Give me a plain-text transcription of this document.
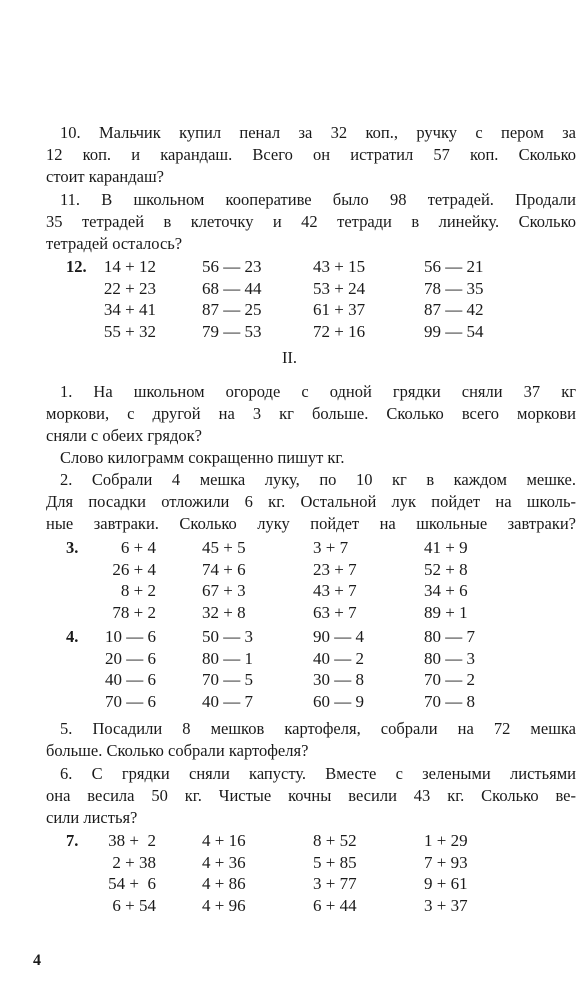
10. Мальчик купил пенал за 32 коп., ручку с пером за
12 коп. и карандаш. Всего он истратил 57 коп. Сколько
стоит карандаш?
11. В школьном кооперативе было 98 тетрадей. Продали
35 тетрадей в клеточку и 42 тетради в линейку. Сколько
тетрадей осталось?
12.	14 + 12	56 — 23	43 + 15	56 — 21
22 + 23	68 — 44	53 + 24	78 — 35
34 + 41	87 — 25	61 + 37	87 — 42
55 + 32	79 — 53	72 + 16	99 — 54
II.
1. На школьном огороде с одной грядки сняли 37 кг
моркови, с другой на 3 кг больше. Сколько всего моркови
сняли с обеих грядок?
Слово килограмм сокращенно пишут кг.
2. Собрали 4 мешка луку, по 10 кг в каждом мешке.
Для посадки отложили 6 кг. Остальной лук пойдет на школь-
ные завтраки. Сколько луку пойдет на школьные завтраки?
3.	6 + 4	45 + 5	3 + 7	41 + 9
26 + 4	74 + 6	23 + 7	52 + 8
8 + 2	67 + 3	43 + 7	34 + 6
78 + 2	32 + 8	63 + 7	89 + 1
4.	10 — 6	50 — 3	90 — 4	80 — 7
20 — 6	80 — 1	40 — 2	80 — 3
40 — 6	70 — 5	30 — 8	70 — 2
70 — 6	40 — 7	60 — 9	70 — 8
5. Посадили 8 мешков картофеля, собрали на 72 мешка
больше. Сколько собрали картофеля?
6. С грядки сняли капусту. Вместе с зелеными листьями
она весила 50 кг. Чистые кочны весили 43 кг. Сколько ве-
сили листья?
7.	38 +  2	4 + 16	8 + 52	1 + 29
2 + 38	4 + 36	5 + 85	7 + 93
54 +  6	4 + 86	3 + 77	9 + 61
6 + 54	4 + 96	6 + 44	3 + 37
4
